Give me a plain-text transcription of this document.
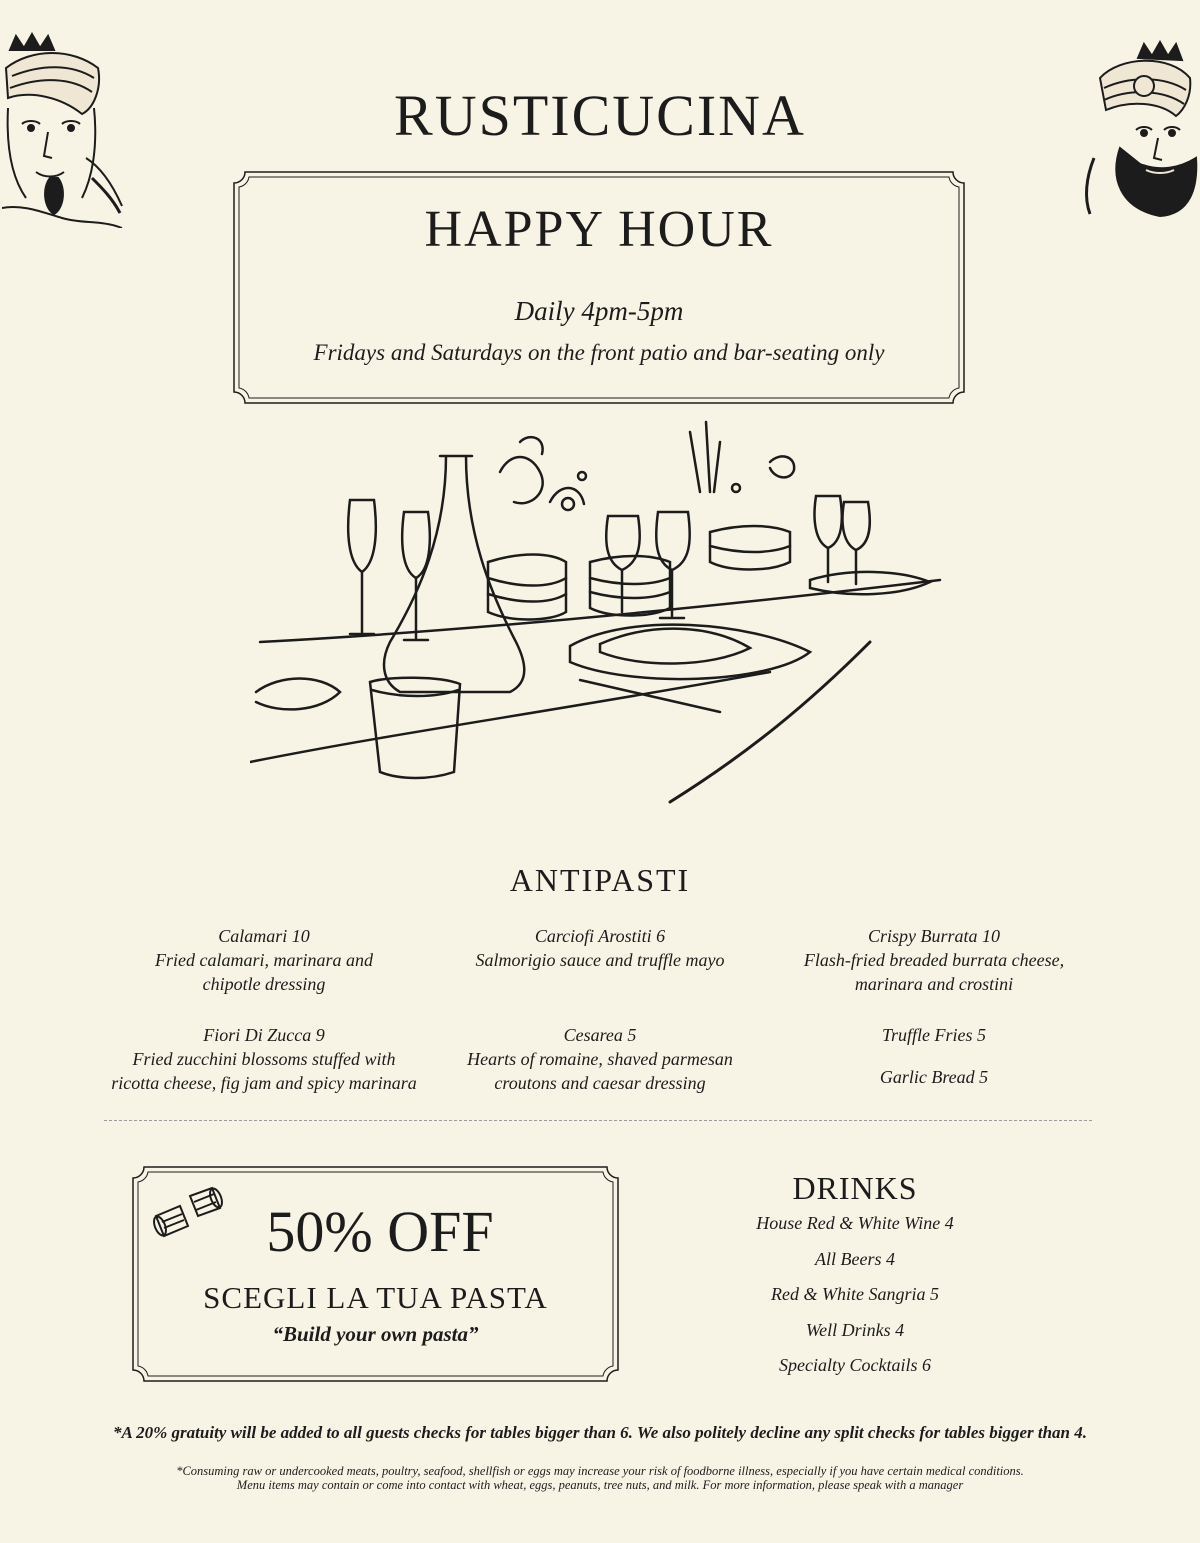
RUSTICUCINA
HAPPY HOUR
Daily 4pm-5pm
Fridays and Saturdays on the front patio and bar-seating only
ANTIPASTI
Calamari 10
Fried calamari, marinara and
chipotle dressing
Carciofi Arostiti 6
Salmorigio sauce and truffle mayo
Crispy Burrata 10
Flash-fried breaded burrata cheese,
marinara and crostini
Fiori Di Zucca 9
Fried zucchini blossoms stuffed with
ricotta cheese, fig jam and spicy marinara
Cesarea 5
Hearts of romaine, shaved parmesan
croutons and caesar dressing
Truffle Fries 5
Garlic Bread 5
50% OFF
SCEGLI LA TUA PASTA
“Build your own pasta”
DRINKS
House Red & White Wine 4
All Beers 4
Red & White Sangria 5
Well Drinks 4
Specialty Cocktails 6
*A 20% gratuity will be added to all guests checks for tables bigger than 6. We also politely decline any split checks for tables bigger than 4.
*Consuming raw or undercooked meats, poultry, seafood, shellfish or eggs may increase your risk of foodborne illness, especially if you have certain medical conditions.
Menu items may contain or come into contact with wheat, eggs, peanuts, tree nuts, and milk. For more information, please speak with a manager
